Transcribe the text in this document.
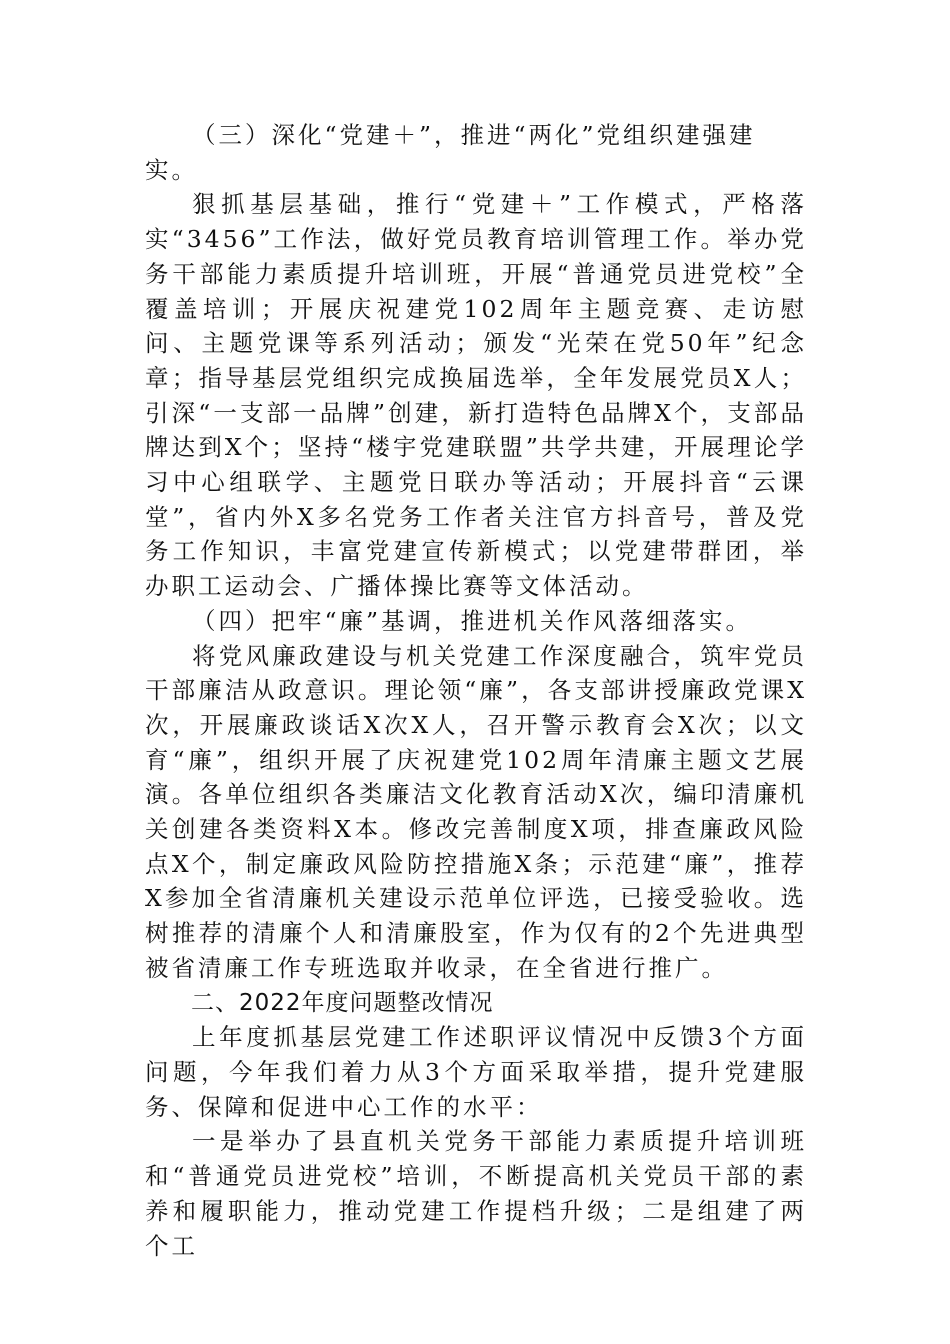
（三）深化“党建＋”，推进“两化”党组织建强建实。

狠抓基层基础，推行“党建＋”工作模式，严格落实“3456”工作法，做好党员教育培训管理工作。举办党务干部能力素质提升培训班，开展“普通党员进党校”全覆盖培训；开展庆祝建党102周年主题竞赛、走访慰问、主题党课等系列活动；颁发“光荣在党50年”纪念章；指导基层党组织完成换届选举，全年发展党员X人；引深“一支部一品牌”创建，新打造特色品牌X个，支部品牌达到X个；坚持“楼宇党建联盟”共学共建，开展理论学习中心组联学、主题党日联办等活动；开展抖音“云课堂”，省内外X多名党务工作者关注官方抖音号，普及党务工作知识，丰富党建宣传新模式；以党建带群团，举办职工运动会、广播体操比赛等文体活动。

（四）把牢“廉”基调，推进机关作风落细落实。

将党风廉政建设与机关党建工作深度融合，筑牢党员干部廉洁从政意识。理论领“廉”，各支部讲授廉政党课X次，开展廉政谈话X次X人，召开警示教育会X次；以文育“廉”，组织开展了庆祝建党102周年清廉主题文艺展演。各单位组织各类廉洁文化教育活动X次，编印清廉机关创建各类资料X本。修改完善制度X项，排查廉政风险点X个，制定廉政风险防控措施X条；示范建“廉”，推荐X参加全省清廉机关建设示范单位评选，已接受验收。选树推荐的清廉个人和清廉股室，作为仅有的2个先进典型被省清廉工作专班选取并收录，在全省进行推广。

二、2022年度问题整改情况

上年度抓基层党建工作述职评议情况中反馈3个方面问题，今年我们着力从3个方面采取举措，提升党建服务、保障和促进中心工作的水平：

一是举办了县直机关党务干部能力素质提升培训班和“普通党员进党校”培训，不断提高机关党员干部的素养和履职能力，推动党建工作提档升级；二是组建了两个工
